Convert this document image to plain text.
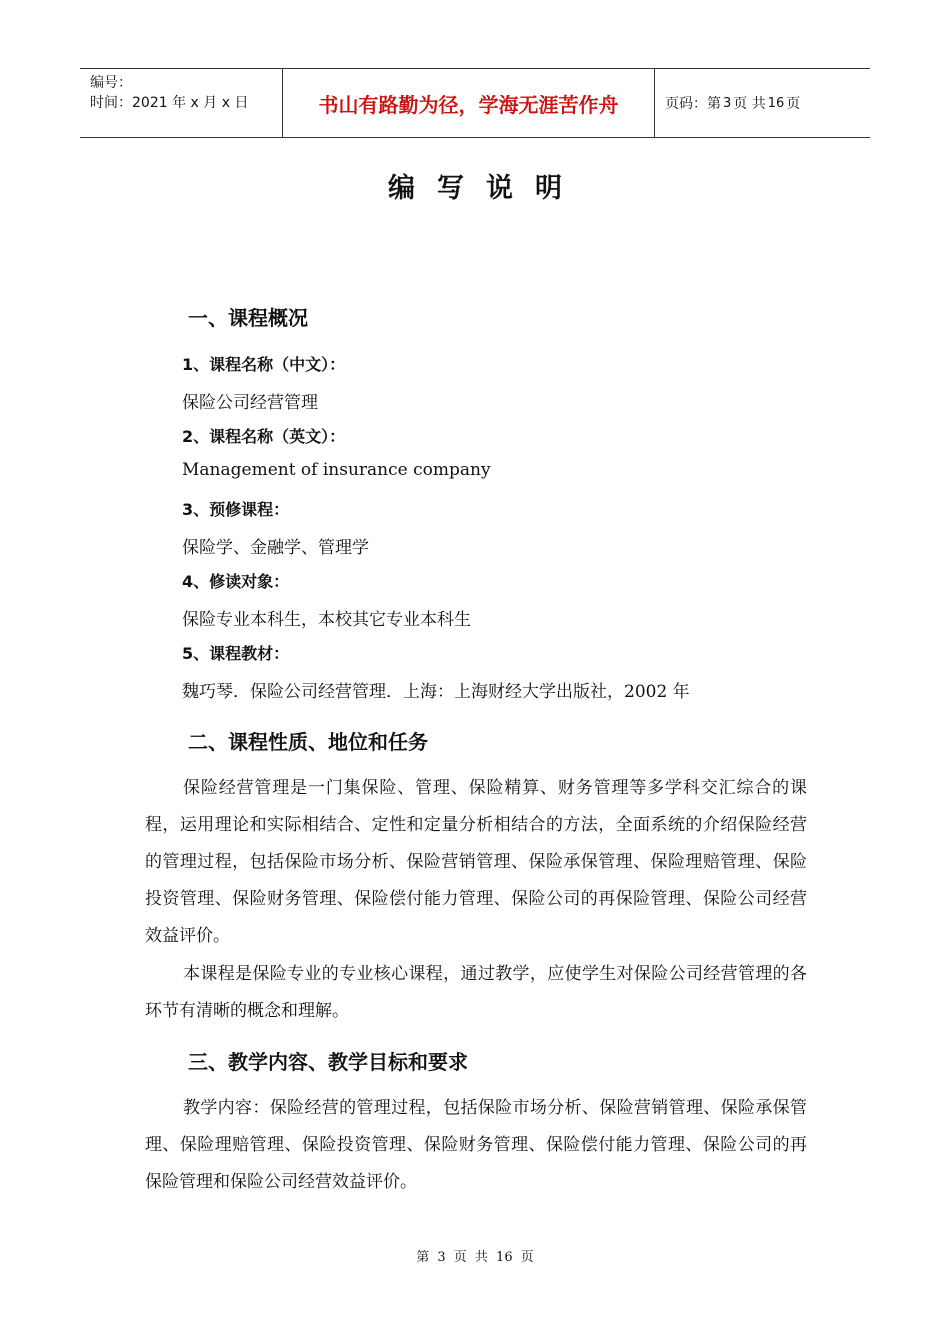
编号：
时间：2021 年 x 月 x 日	书山有路勤为径，学海无涯苦作舟	页码：第 3 页 共 16 页
编写说明
一、课程概况
1、课程名称（中文）：
保险公司经营管理
2、课程名称（英文）：
Management of insurance company
3、预修课程：
保险学、金融学、管理学
4、修读对象：
保险专业本科生，本校其它专业本科生
5、课程教材：
魏巧琴．保险公司经营管理．上海：上海财经大学出版社，2002 年
二、课程性质、地位和任务

保险经营管理是一门集保险、管理、保险精算、财务管理等多学科交汇综合的课程，运用理论和实际相结合、定性和定量分析相结合的方法，全面系统的介绍保险经营的管理过程，包括保险市场分析、保险营销管理、保险承保管理、保险理赔管理、保险投资管理、保险财务管理、保险偿付能力管理、保险公司的再保险管理、保险公司经营效益评价。

本课程是保险专业的专业核心课程，通过教学，应使学生对保险公司经营管理的各环节有清晰的概念和理解。

三、教学内容、教学目标和要求

教学内容：保险经营的管理过程，包括保险市场分析、保险营销管理、保险承保管理、保险理赔管理、保险投资管理、保险财务管理、保险偿付能力管理、保险公司的再保险管理和保险公司经营效益评价。

第 3 页 共 16 页
